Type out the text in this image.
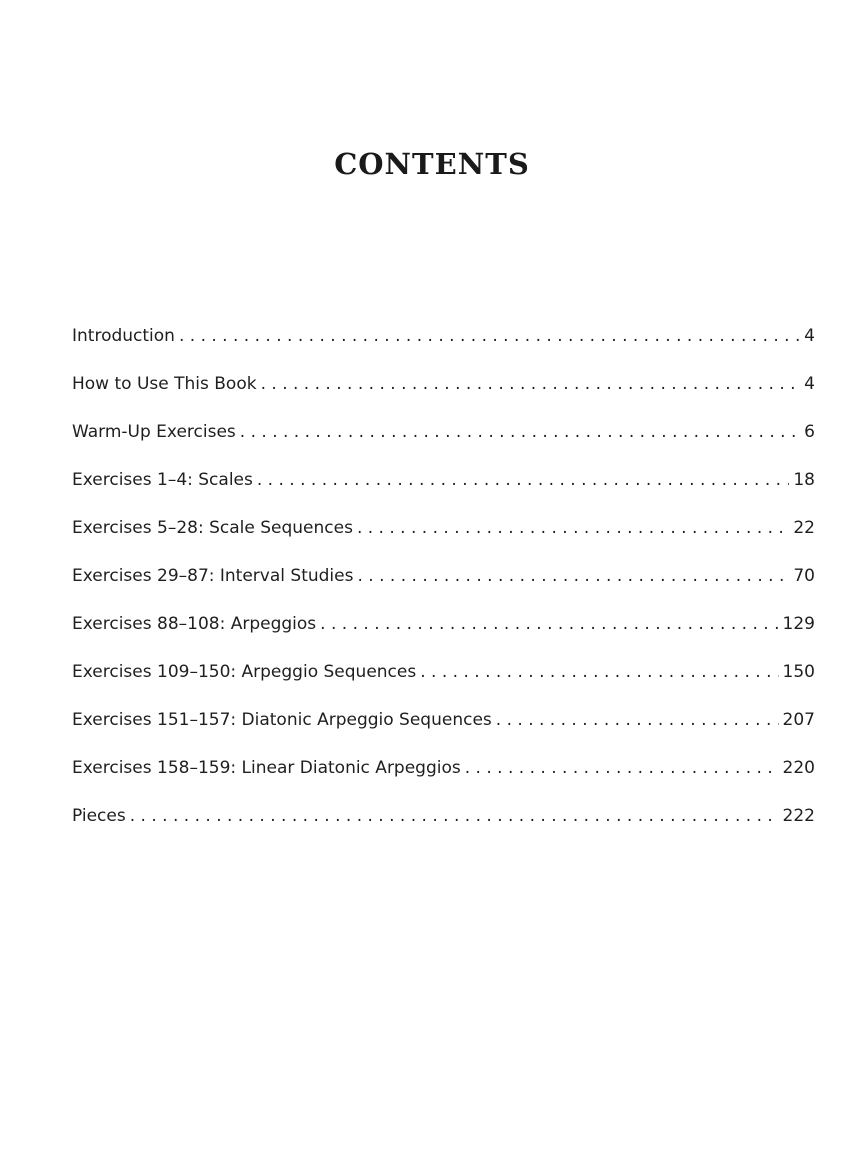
CONTENTS
Introduction . . .	4
How to Use This Book . . .	4
Warm-Up Exercises . . .	6
Exercises 1–4: Scales . . .	18
Exercises 5–28: Scale Sequences . . .	22
Exercises 29–87: Interval Studies . . .	70
Exercises 88–108: Arpeggios . . .	129
Exercises 109–150: Arpeggio Sequences . . .	150
Exercises 151–157: Diatonic Arpeggio Sequences . . .	207
Exercises 158–159: Linear Diatonic Arpeggios . . .	220
Pieces . . .	222
